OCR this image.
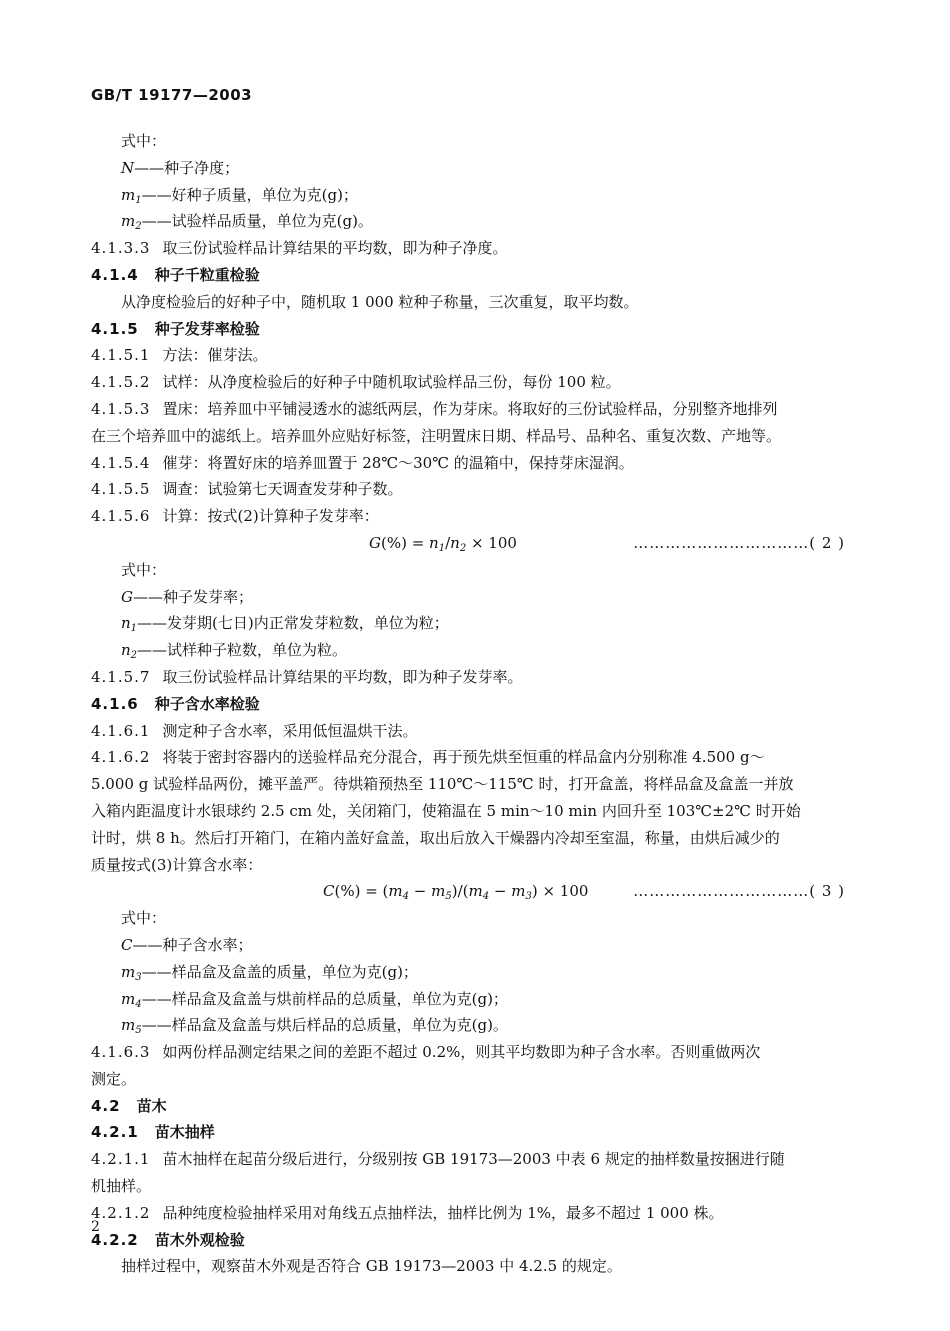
GB/T 19177—2003
式中：
N——种子净度；
$m_1——$好种子质量，单位为克(g)；
$m_2——$试验样品质量，单位为克(g)。
4.1.3.3 取三份试验样品计算结果的平均数，即为种子净度。
4.1.4 种子千粒重检验
从净度检验后的好种子中，随机取 1 000 粒种子称量，三次重复，取平均数。
4.1.5 种子发芽率检验
4.1.5.1 方法：催芽法。
4.1.5.2 试样：从净度检验后的好种子中随机取试验样品三份，每份 100 粒。
4.1.5.3 置床：培养皿中平铺浸透水的滤纸两层，作为芽床。将取好的三份试验样品，分别整齐地排列
在三个培养皿中的滤纸上。培养皿外应贴好标签，注明置床日期、样品号、品种名、重复次数、产地等。
4.1.5.4 催芽：将置好床的培养皿置于 28℃～30℃ 的温箱中，保持芽床湿润。
4.1.5.5 调查：试验第七天调查发芽种子数。
4.1.5.6 计算：按式(2)计算种子发芽率：
$G(\%) = n_1/n_2 \times 100$	……………………………( 2 )
式中：
G——种子发芽率；
$n_1——$发芽期(七日)内正常发芽粒数，单位为粒；
$n_2——$试样种子粒数，单位为粒。
4.1.5.7 取三份试验样品计算结果的平均数，即为种子发芽率。
4.1.6 种子含水率检验
4.1.6.1 测定种子含水率，采用低恒温烘干法。
4.1.6.2 将装于密封容器内的送验样品充分混合，再于预先烘至恒重的样品盒内分别称准 4.500 g～
5.000 g 试验样品两份，摊平盖严。待烘箱预热至 110℃～115℃ 时，打开盒盖，将样品盒及盒盖一并放
入箱内距温度计水银球约 2.5 cm 处，关闭箱门，使箱温在 5 min～10 min 内回升至 103℃±2℃ 时开始
计时，烘 8 h。然后打开箱门，在箱内盖好盒盖，取出后放入干燥器内冷却至室温，称量，由烘后减少的
质量按式(3)计算含水率：
$C(\%) = (m_4 - m_5)/(m_4 - m_3) \times 100$	……………………………( 3 )
式中：
C——种子含水率；
$m_3——$样品盒及盒盖的质量，单位为克(g)；
$m_4——$样品盒及盒盖与烘前样品的总质量，单位为克(g)；
$m_5——$样品盒及盒盖与烘后样品的总质量，单位为克(g)。
4.1.6.3 如两份样品测定结果之间的差距不超过 0.2%，则其平均数即为种子含水率。否则重做两次
测定。
4.2 苗木
4.2.1 苗木抽样
4.2.1.1 苗木抽样在起苗分级后进行，分级别按 GB 19173—2003 中表 6 规定的抽样数量按捆进行随
机抽样。
4.2.1.2 品种纯度检验抽样采用对角线五点抽样法，抽样比例为 1%，最多不超过 1 000 株。
4.2.2 苗木外观检验
抽样过程中，观察苗木外观是否符合 GB 19173—2003 中 4.2.5 的规定。
2
